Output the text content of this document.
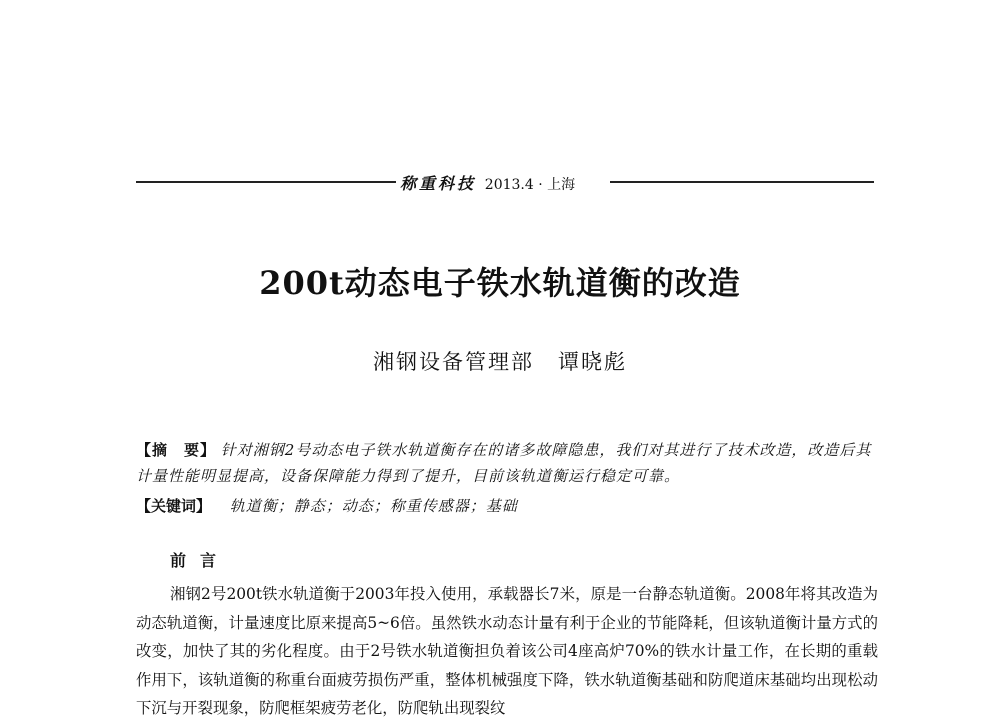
称重科技 2013.4 · 上海
200t动态电子铁水轨道衡的改造
湘钢设备管理部 谭晓彪
【摘　要】 针对湘钢2号动态电子铁水轨道衡存在的诸多故障隐患，我们对其进行了技术改造，改造后其计量性能明显提高，设备保障能力得到了提升，目前该轨道衡运行稳定可靠。
【关键词】 轨道衡；静态；动态；称重传感器；基础
前言
湘钢2号200t铁水轨道衡于2003年投入使用，承载器长7米，原是一台静态轨道衡。2008年将其改造为动态轨道衡，计量速度比原来提高5~6倍。虽然铁水动态计量有利于企业的节能降耗，但该轨道衡计量方式的改变，加快了其的劣化程度。由于2号铁水轨道衡担负着该公司4座高炉70%的铁水计量工作，在长期的重载作用下，该轨道衡的称重台面疲劳损伤严重，整体机械强度下降，铁水轨道衡基础和防爬道床基础均出现松动下沉与开裂现象，防爬框架疲劳老化，防爬轨出现裂纹
